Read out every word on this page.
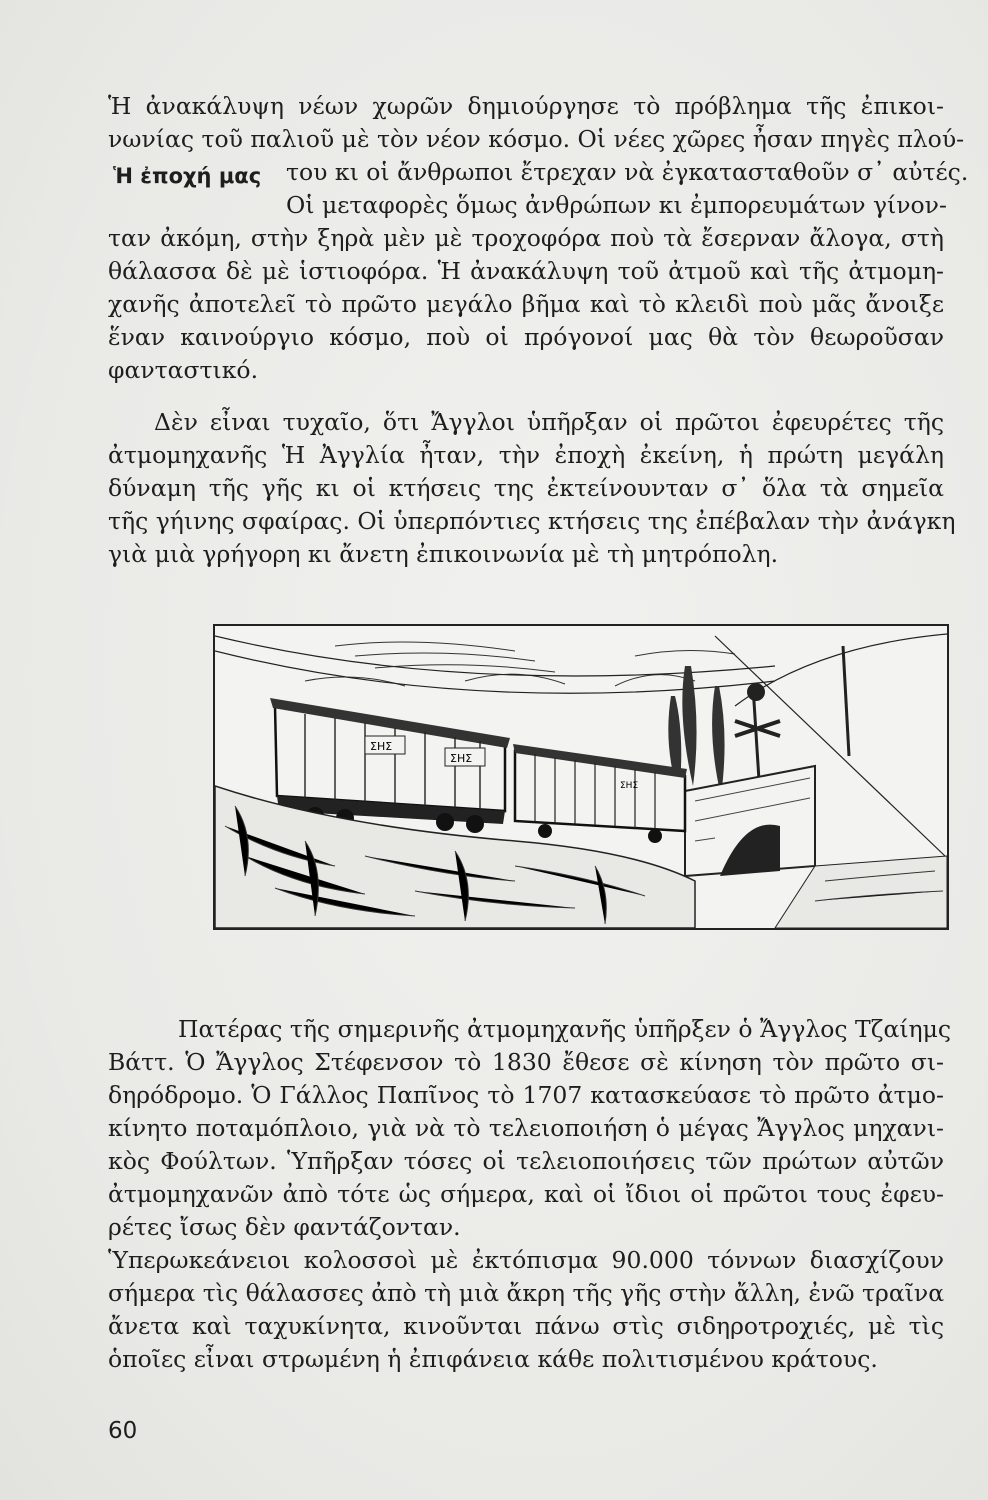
Ἡ ἐποχή μας
Ἡ ἀνακάλυψη νέων χωρῶν δημιούργησε τὸ πρόβλημα τῆς ἐπικοι-
νωνίας τοῦ παλιοῦ μὲ τὸν νέον κόσμο. Οἱ νέες χῶρες ἦσαν πηγὲς πλού-
του κι οἱ ἄνθρωποι ἔτρεχαν νὰ ἐγκατασταθοῦν σ᾽ αὐτές.
Οἱ μεταφορὲς ὅμως ἀνθρώπων κι ἐμπορευμάτων γίνον-
ταν ἀκόμη, στὴν ξηρὰ μὲν μὲ τροχοφόρα ποὺ τὰ ἔσερναν ἄλογα, στὴ
θάλασσα δὲ μὲ ἱστιοφόρα. Ἡ ἀνακάλυψη τοῦ ἀτμοῦ καὶ τῆς ἀτμομη-
χανῆς ἀποτελεῖ τὸ πρῶτο μεγάλο βῆμα καὶ τὸ κλειδὶ ποὺ μᾶς ἄνοιξε
ἕναν καινούργιο κόσμο, ποὺ οἱ πρόγονοί μας θὰ τὸν θεωροῦσαν
φανταστικό.
Δὲν εἶναι τυχαῖο, ὅτι Ἄγγλοι ὑπῆρξαν οἱ πρῶτοι ἐφευρέτες τῆς
ἀτμομηχανῆς Ἡ Ἀγγλία ἦταν, τὴν ἐποχὴ ἐκείνη, ἡ πρώτη μεγάλη
δύναμη τῆς γῆς κι οἱ κτήσεις της ἐκτείνουνταν σ᾽ ὅλα τὰ σημεῖα
τῆς γήινης σφαίρας. Οἱ ὑπερπόντιες κτήσεις της ἐπέβαλαν τὴν ἀνάγκη
γιὰ μιὰ γρήγορη κι ἄνετη ἐπικοινωνία μὲ τὴ μητρόπολη.
ΣΗΣ
ΣΗΣ
ΣΗΣ
Πατέρας τῆς σημερινῆς ἀτμομηχανῆς ὑπῆρξεν ὁ Ἄγγλος Τζαίημς
Βάττ. Ὁ Ἄγγλος Στέφενσον τὸ 1830 ἔθεσε σὲ κίνηση τὸν πρῶτο σι-
δηρόδρομο. Ὁ Γάλλος Παπῖνος τὸ 1707 κατασκεύασε τὸ πρῶτο ἀτμο-
κίνητο ποταμόπλοιο, γιὰ νὰ τὸ τελειοποιήση ὁ μέγας Ἄγγλος μηχανι-
κὸς Φούλτων. Ὑπῆρξαν τόσες οἱ τελειοποιήσεις τῶν πρώτων αὐτῶν
ἀτμομηχανῶν ἀπὸ τότε ὡς σήμερα, καὶ οἱ ἴδιοι οἱ πρῶτοι τους ἐφευ-
ρέτες ἴσως δὲν φαντάζονταν.
Ὑπερωκεάνειοι κολοσσοὶ μὲ ἐκτόπισμα 90.000 τόννων διασχίζουν
σήμερα τὶς θάλασσες ἀπὸ τὴ μιὰ ἄκρη τῆς γῆς στὴν ἄλλη, ἐνῶ τραῖνα
ἄνετα καὶ ταχυκίνητα, κινοῦνται πάνω στὶς σιδηροτροχιές, μὲ τὶς
ὁποῖες εἶναι στρωμένη ἡ ἐπιφάνεια κάθε πολιτισμένου κράτους.
60
